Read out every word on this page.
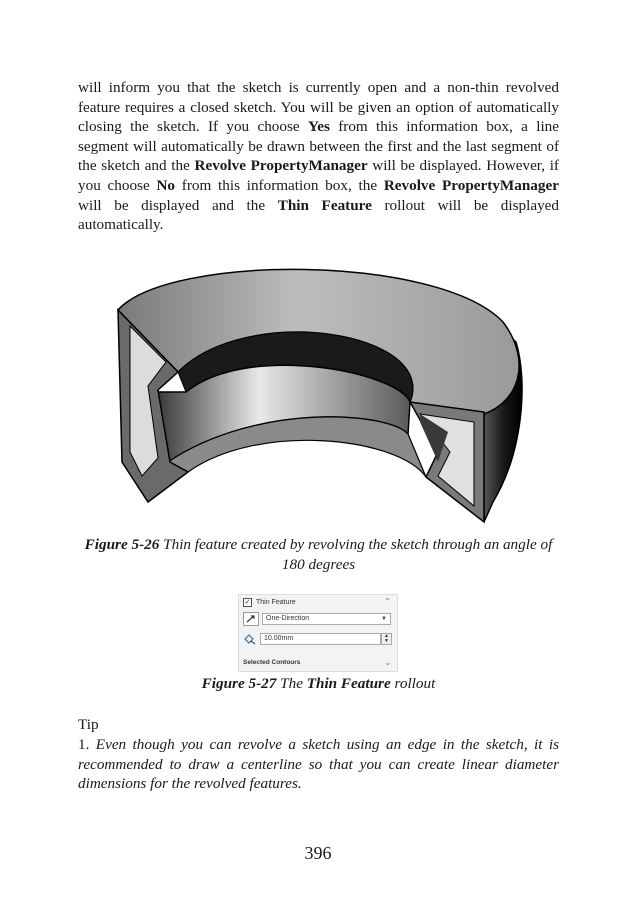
will inform you that the sketch is currently open and a non-thin revolved feature requires a closed sketch. You will be given an option of automatically closing the sketch. If you choose Yes from this information box, a line segment will automatically be drawn between the first and the last segment of the sketch and the Revolve PropertyManager will be displayed. However, if you choose No from this information box, the Revolve PropertyManager will be displayed and the Thin Feature rollout will be displayed automatically.

Figure 5-26 Thin feature created by revolving the sketch through an angle of 180 degrees

✓ Thin Feature	⌃
One-Direction	▼
10.00mm	▲
▼
Selected Contours	⌄

Figure 5-27 The Thin Feature rollout

Tip

1. Even though you can revolve a sketch using an edge in the sketch, it is recommended to draw a centerline so that you can create linear diameter dimensions for the revolved features.

396
